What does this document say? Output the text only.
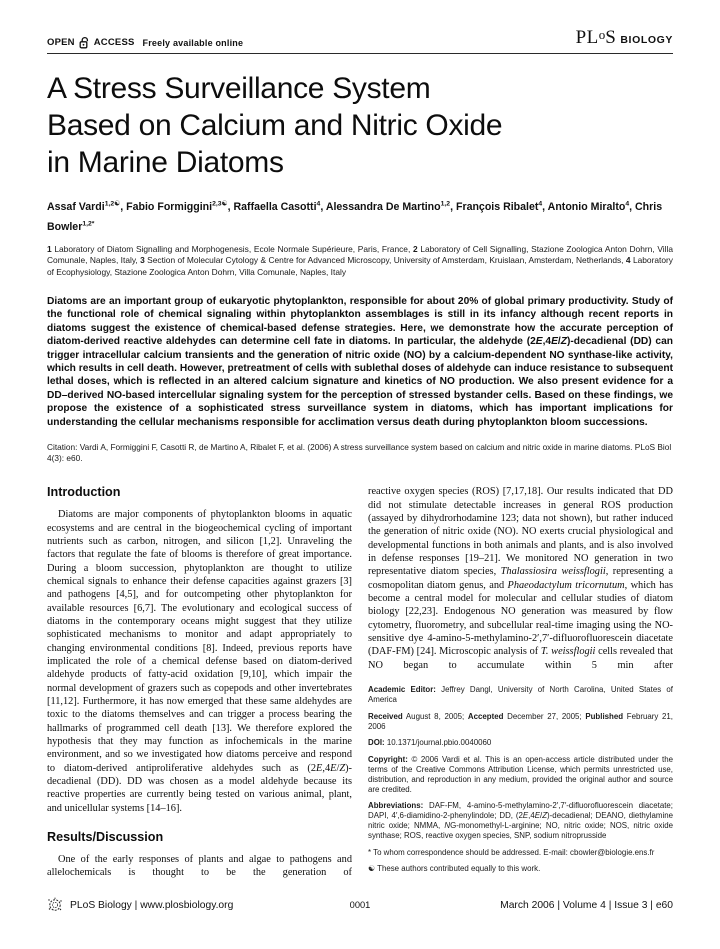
OPEN ACCESS Freely available online	$PL^oS$ BIOLOGY
A Stress Surveillance System
Based on Calcium and Nitric Oxide
in Marine Diatoms
Assaf Vardi$^{1,2☯}$, Fabio Formiggini$^{2,3☯}$, Raffaella Casotti$^4$, Alessandra De Martino$^{1,2}$, François Ribalet$^4$, Antonio Miralto$^4$, Chris Bowler$^{1,2*}$
1 Laboratory of Diatom Signalling and Morphogenesis, Ecole Normale Supérieure, Paris, France, 2 Laboratory of Cell Signalling, Stazione Zoologica Anton Dohrn, Villa Comunale, Naples, Italy, 3 Section of Molecular Cytology & Centre for Advanced Microscopy, University of Amsterdam, Kruislaan, Amsterdam, Netherlands, 4 Laboratory of Ecophysiology, Stazione Zoologica Anton Dohrn, Villa Comunale, Naples, Italy
Diatoms are an important group of eukaryotic phytoplankton, responsible for about 20% of global primary productivity. Study of the functional role of chemical signaling within phytoplankton assemblages is still in its infancy although recent reports in diatoms suggest the existence of chemical-based defense strategies. Here, we demonstrate how the accurate perception of diatom-derived reactive aldehydes can determine cell fate in diatoms. In particular, the aldehyde (2E,4E/Z)-decadienal (DD) can trigger intracellular calcium transients and the generation of nitric oxide (NO) by a calcium-dependent NO synthase-like activity, which results in cell death. However, pretreatment of cells with sublethal doses of aldehyde can induce resistance to subsequent lethal doses, which is reflected in an altered calcium signature and kinetics of NO production. We also present evidence for a DD–derived NO-based intercellular signaling system for the perception of stressed bystander cells. Based on these findings, we propose the existence of a sophisticated stress surveillance system in diatoms, which has important implications for understanding the cellular mechanisms responsible for acclimation versus death during phytoplankton bloom successions.
Citation: Vardi A, Formiggini F, Casotti R, de Martino A, Ribalet F, et al. (2006) A stress surveillance system based on calcium and nitric oxide in marine diatoms. PLoS Biol 4(3): e60.
Introduction

Diatoms are major components of phytoplankton blooms in aquatic ecosystems and are central in the biogeochemical cycling of important nutrients such as carbon, nitrogen, and silicon [1,2]. Unraveling the factors that regulate the fate of blooms is therefore of great importance. During a bloom succession, phytoplankton are thought to utilize chemical signals to enhance their defense capacities against grazers [3] and pathogens [4,5], and for outcompeting other phytoplankton for available resources [6,7]. The evolutionary and ecological success of diatoms in the contemporary oceans might suggest that they utilize sophisticated mechanisms to monitor and adapt appropriately to changing environmental conditions [8]. Indeed, previous reports have implicated the role of a chemical defense based on diatom-derived aldehyde products of fatty-acid oxidation [9,10], which impair the normal development of grazers such as copepods and other invertebrates [11,12]. Furthermore, it has now emerged that these same aldehydes are toxic to the diatoms themselves and can trigger a process bearing the hallmarks of programmed cell death [13]. We therefore explored the hypothesis that they may function as infochemicals in the marine environment, and so we investigated how diatoms perceive and respond to diatom-derived antiproliferative aldehydes such as (2E,4E/Z)-decadienal (DD). DD was chosen as a model aldehyde because its reactive properties are currently being tested on various animal, plant, and unicellular systems [14–16].

Results/Discussion

One of the early responses of plants and algae to pathogens and allelochemicals is thought to be the generation of

reactive oxygen species (ROS) [7,17,18]. Our results indicated that DD did not stimulate detectable increases in general ROS production (assayed by dihydrorhodamine 123; data not shown), but rather induced the generation of nitric oxide (NO). NO exerts crucial physiological and developmental functions in both animals and plants, and is also involved in defense responses [19–21]. We monitored NO generation in two representative diatom species, Thalassiosira weissflogii, representing a cosmopolitan diatom genus, and Phaeodactylum tricornutum, which has become a central model for molecular and cellular studies of diatom biology [22,23]. Endogenous NO generation was measured by flow cytometry, fluorometry, and subcellular real-time imaging using the NO-sensitive dye 4-amino-5-methylamino-2′,7′-difluorofluorescein diacetate (DAF-FM) [24]. Microscopic analysis of T. weissflogii cells revealed that NO began to accumulate within 5 min after

Academic Editor: Jeffrey Dangl, University of North Carolina, United States of America
Received August 8, 2005; Accepted December 27, 2005; Published February 21, 2006
DOI: 10.1371/journal.pbio.0040060
Copyright: © 2006 Vardi et al. This is an open-access article distributed under the terms of the Creative Commons Attribution License, which permits unrestricted use, distribution, and reproduction in any medium, provided the original author and source are credited.
Abbreviations: DAF-FM, 4-amino-5-methylamino-2′,7′-difluorofluorescein diacetate; DAPI, 4′,6-diamidino-2-phenylindole; DD, (2E,4E/Z)-decadienal; DEANO, diethylamine nitric oxide; NMMA, NG-monomethyl-L-arginine; NO, nitric oxide; NOS, nitric oxide synthase; ROS, reactive oxygen species, SNP, sodium nitroprusside
* To whom correspondence should be addressed. E-mail: cbowler@biologie.ens.fr
☯ These authors contributed equally to this work.
PLoS Biology | www.plosbiology.org	0001	March 2006 | Volume 4 | Issue 3 | e60
